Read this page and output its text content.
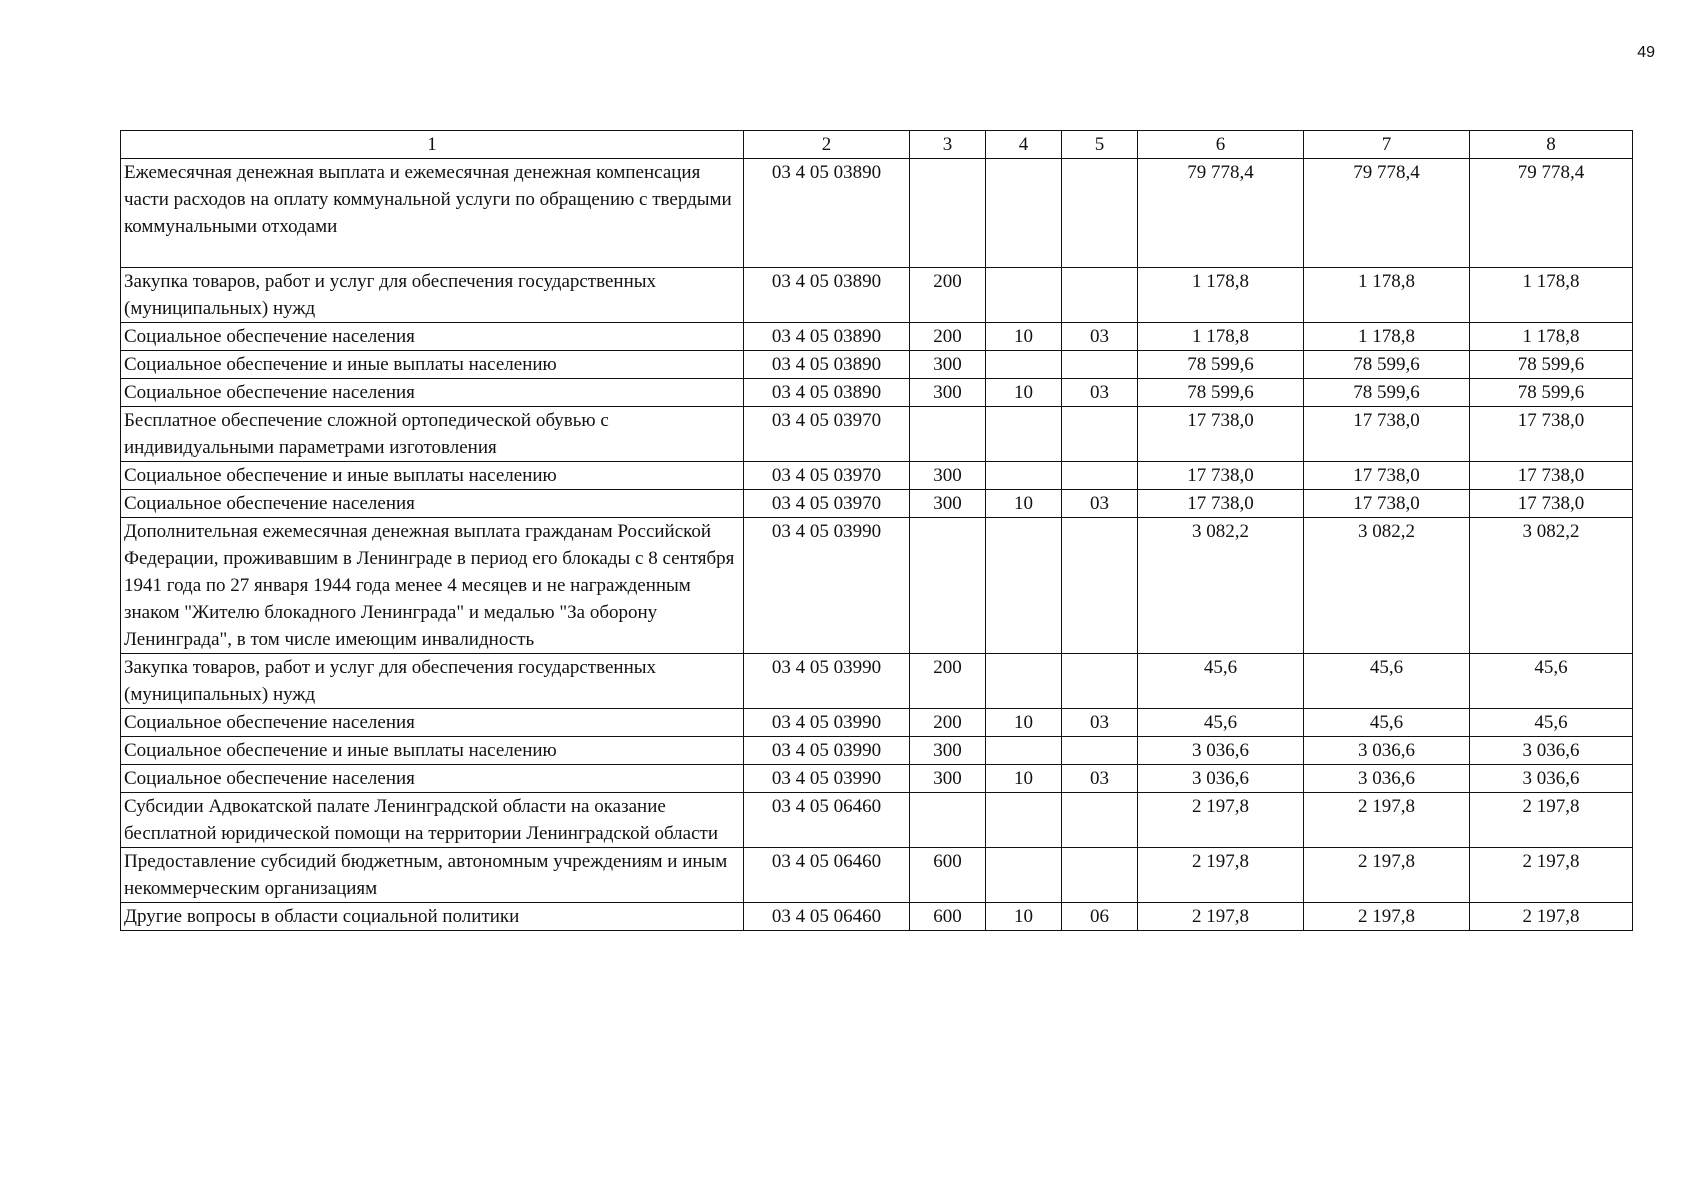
49
1	2	3	4	5	6	7	8
Ежемесячная денежная выплата и ежемесячная денежная компенсация части расходов на оплату коммунальной услуги по обращению с твердыми коммунальными отходами	03 4 05 03890				79 778,4	79 778,4	79 778,4
Закупка товаров, работ и услуг для обеспечения государственных (муниципальных) нужд	03 4 05 03890	200			1 178,8	1 178,8	1 178,8
Социальное обеспечение населения	03 4 05 03890	200	10	03	1 178,8	1 178,8	1 178,8
Социальное обеспечение и иные выплаты населению	03 4 05 03890	300			78 599,6	78 599,6	78 599,6
Социальное обеспечение населения	03 4 05 03890	300	10	03	78 599,6	78 599,6	78 599,6
Бесплатное обеспечение сложной ортопедической обувью с индивидуальными параметрами изготовления	03 4 05 03970				17 738,0	17 738,0	17 738,0
Социальное обеспечение и иные выплаты населению	03 4 05 03970	300			17 738,0	17 738,0	17 738,0
Социальное обеспечение населения	03 4 05 03970	300	10	03	17 738,0	17 738,0	17 738,0
Дополнительная ежемесячная денежная выплата гражданам Российской Федерации, проживавшим в Ленинграде в период его блокады с 8 сентября 1941 года по 27 января 1944 года менее 4 месяцев и не награжденным знаком "Жителю блокадного Ленинграда" и медалью "За оборону Ленинграда", в том числе имеющим инвалидность	03 4 05 03990				3 082,2	3 082,2	3 082,2
Закупка товаров, работ и услуг для обеспечения государственных (муниципальных) нужд	03 4 05 03990	200			45,6	45,6	45,6
Социальное обеспечение населения	03 4 05 03990	200	10	03	45,6	45,6	45,6
Социальное обеспечение и иные выплаты населению	03 4 05 03990	300			3 036,6	3 036,6	3 036,6
Социальное обеспечение населения	03 4 05 03990	300	10	03	3 036,6	3 036,6	3 036,6
Субсидии Адвокатской палате Ленинградской области на оказание бесплатной юридической помощи на территории Ленинградской области	03 4 05 06460				2 197,8	2 197,8	2 197,8
Предоставление субсидий бюджетным, автономным учреждениям и иным некоммерческим организациям	03 4 05 06460	600			2 197,8	2 197,8	2 197,8
Другие вопросы в области социальной политики	03 4 05 06460	600	10	06	2 197,8	2 197,8	2 197,8
